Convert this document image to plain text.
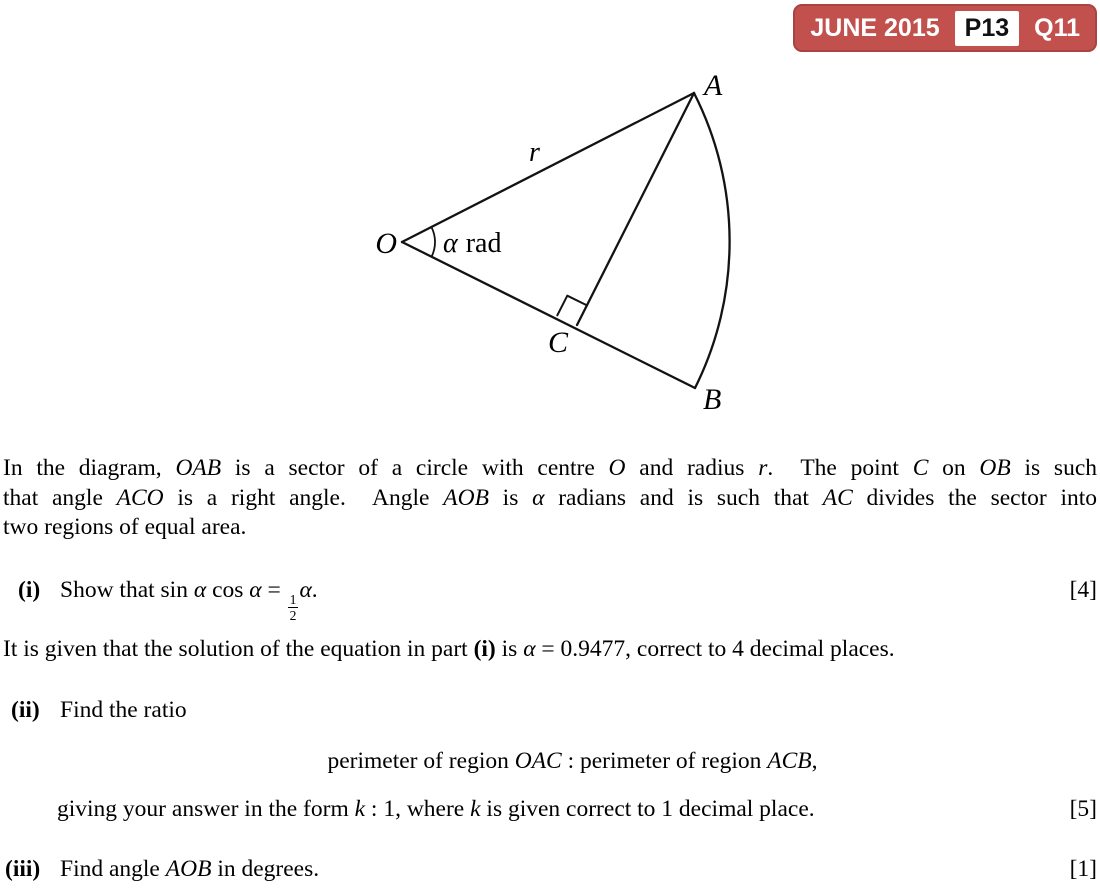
JUNE 2015	P13	Q11
O
A
B
C
r
α rad
In the diagram, OAB is a sector of a circle with centre O and radius r.  The point C on OB is such
that angle ACO is a right angle.  Angle AOB is α radians and is such that AC divides the sector into
two regions of equal area.
(i) Show that sin α cos α =
$\frac{1}{2}$
α.	[4]
It is given that the solution of the equation in part (i) is α = 0.9477, correct to 4 decimal places.
(ii) Find the ratio
perimeter of region OAC : perimeter of region ACB,
giving your answer in the form k : 1, where k is given correct to 1 decimal place.	[5]
(iii) Find angle AOB in degrees.	[1]
